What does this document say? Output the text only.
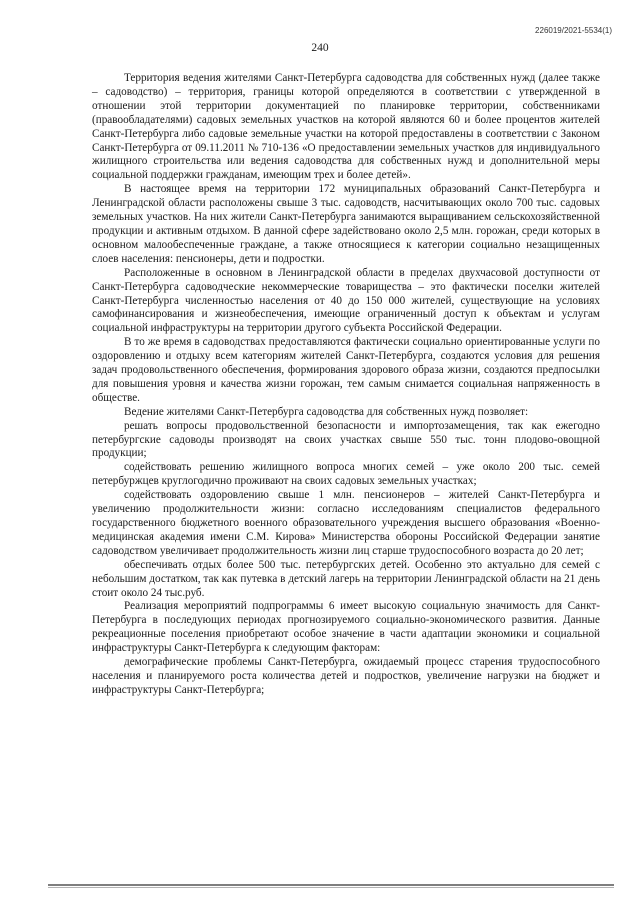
226019/2021-5534(1)
240

Территория ведения жителями Санкт-Петербурга садоводства для собственных нужд (далее также – садоводство) – территория, границы которой определяются в соответствии с утвержденной в отношении этой территории документацией по планировке территории, собственниками (правообладателями) садовых земельных участков на которой являются 60 и более процентов жителей Санкт-Петербурга либо садовые земельные участки на которой предоставлены в соответствии с Законом Санкт-Петербурга от 09.11.2011 № 710-136 «О предоставлении земельных участков для индивидуального жилищного строительства или ведения садоводства для собственных нужд и дополнительной меры социальной поддержки гражданам, имеющим трех и более детей».

В настоящее время на территории 172 муниципальных образований Санкт-Петербурга и Ленинградской области расположены свыше 3 тыс. садоводств, насчитывающих около 700 тыс. садовых земельных участков. На них жители Санкт-Петербурга занимаются выращиванием сельскохозяйственной продукции и активным отдыхом. В данной сфере задействовано около 2,5 млн. горожан, среди которых в основном малообеспеченные граждане, а также относящиеся к категории социально незащищенных слоев населения: пенсионеры, дети и подростки.

Расположенные в основном в Ленинградской области в пределах двухчасовой доступности от Санкт-Петербурга садоводческие некоммерческие товарищества – это фактически поселки жителей Санкт-Петербурга численностью населения от 40 до 150 000 жителей, существующие на условиях самофинансирования и жизнеобеспечения, имеющие ограниченный доступ к объектам и услугам социальной инфраструктуры на территории другого субъекта Российской Федерации.

В то же время в садоводствах предоставляются фактически социально ориентированные услуги по оздоровлению и отдыху всем категориям жителей Санкт-Петербурга, создаются условия для решения задач продовольственного обеспечения, формирования здорового образа жизни, создаются предпосылки для повышения уровня и качества жизни горожан, тем самым снимается социальная напряженность в обществе.

Ведение жителями Санкт-Петербурга садоводства для собственных нужд позволяет:

решать вопросы продовольственной безопасности и импортозамещения, так как ежегодно петербургские садоводы производят на своих участках свыше 550 тыс. тонн плодово-овощной продукции;

содействовать решению жилищного вопроса многих семей – уже около 200 тыс. семей петербуржцев круглогодично проживают на своих садовых земельных участках;

содействовать оздоровлению свыше 1 млн. пенсионеров – жителей Санкт-Петербурга и увеличению продолжительности жизни: согласно исследованиям специалистов федерального государственного бюджетного военного образовательного учреждения высшего образования «Военно-медицинская академия имени С.М. Кирова» Министерства обороны Российской Федерации занятие садоводством увеличивает продолжительность жизни лиц старше трудоспособного возраста до 20 лет;

обеспечивать отдых более 500 тыс. петербургских детей. Особенно это актуально для семей с небольшим достатком, так как путевка в детский лагерь на территории Ленинградской области на 21 день стоит около 24 тыс.руб.

Реализация мероприятий подпрограммы 6 имеет высокую социальную значимость для Санкт-Петербурга в последующих периодах прогнозируемого социально-экономического развития. Данные рекреационные поселения приобретают особое значение в части адаптации экономики и социальной инфраструктуры Санкт-Петербурга к следующим факторам:

демографические проблемы Санкт-Петербурга, ожидаемый процесс старения трудоспособного населения и планируемого роста количества детей и подростков, увеличение нагрузки на бюджет и инфраструктуры Санкт-Петербурга;
